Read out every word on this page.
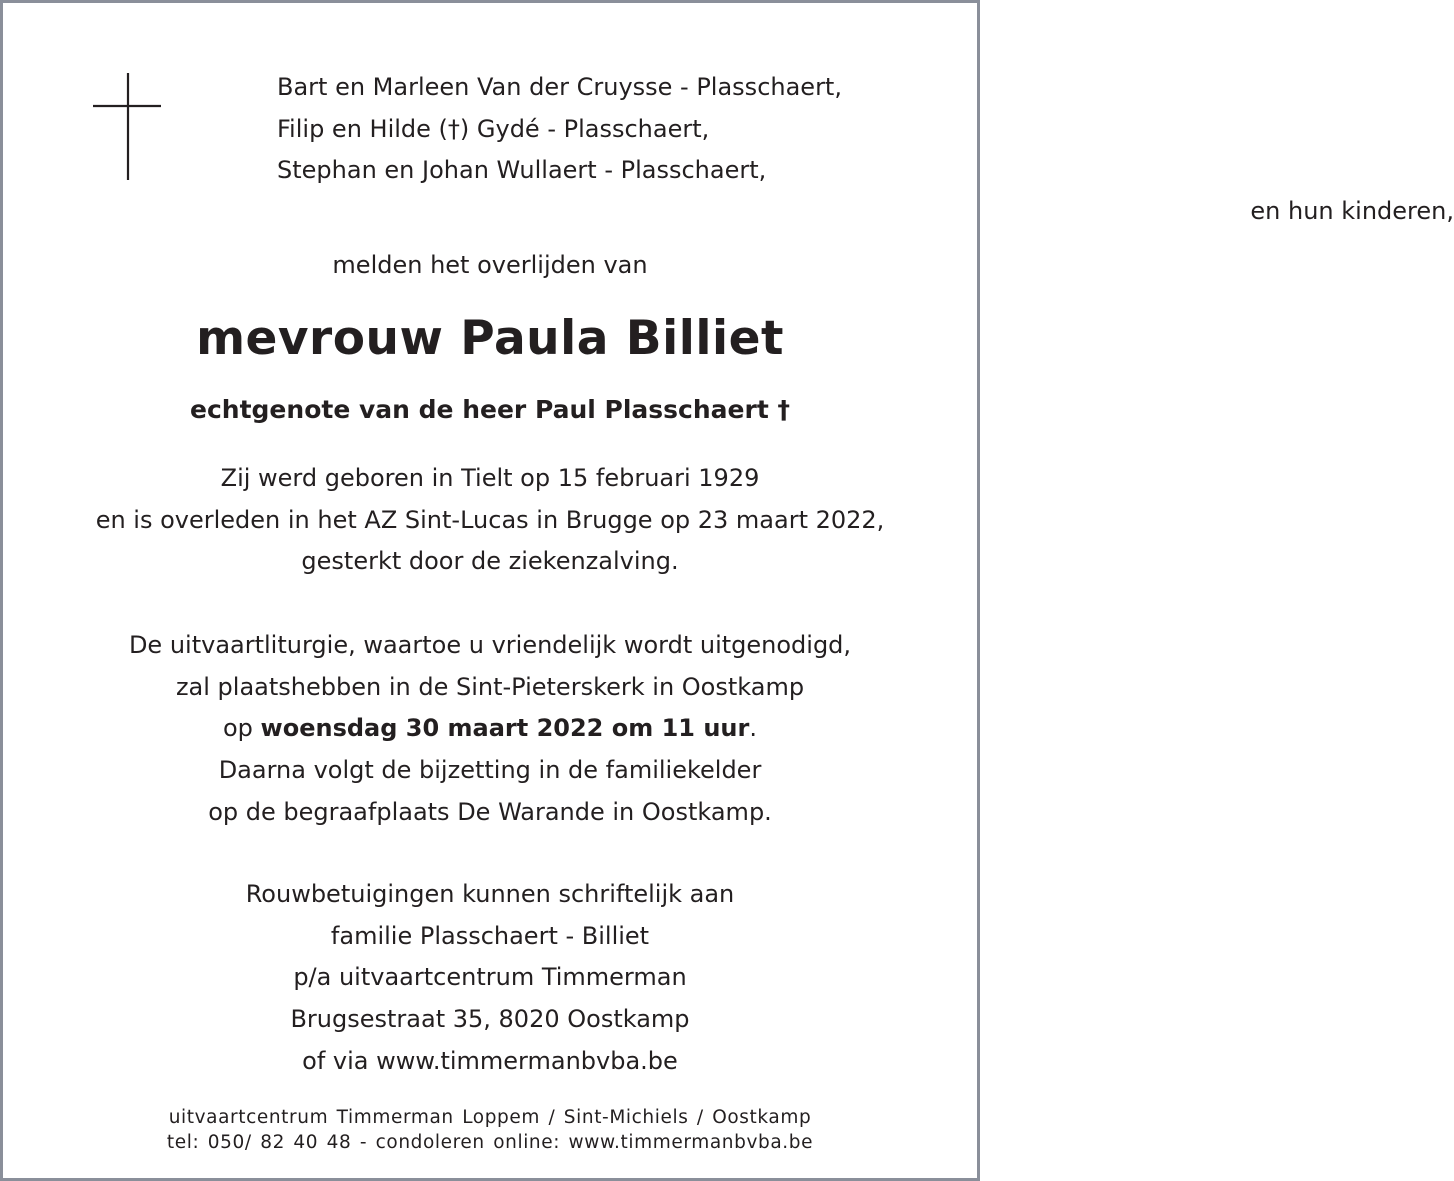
Bart en Marleen Van der Cruysse - Plasschaert,
Filip en Hilde (†) Gydé - Plasschaert,
Stephan en Johan Wullaert - Plasschaert,
en hun kinderen,
melden het overlijden van
mevrouw Paula Billiet
echtgenote van de heer Paul Plasschaert †
Zij werd geboren in Tielt op 15 februari 1929
en is overleden in het AZ Sint-Lucas in Brugge op 23 maart 2022,
gesterkt door de ziekenzalving.
De uitvaartliturgie, waartoe u vriendelijk wordt uitgenodigd,
zal plaatshebben in de Sint-Pieterskerk in Oostkamp
op woensdag 30 maart 2022 om 11 uur.
Daarna volgt de bijzetting in de familiekelder
op de begraafplaats De Warande in Oostkamp.
Rouwbetuigingen kunnen schriftelijk aan
familie Plasschaert - Billiet
p/a uitvaartcentrum Timmerman
Brugsestraat 35, 8020 Oostkamp
of via www.timmermanbvba.be
uitvaartcentrum Timmerman Loppem / Sint-Michiels / Oostkamp
tel: 050/ 82 40 48 - condoleren online: www.timmermanbvba.be
